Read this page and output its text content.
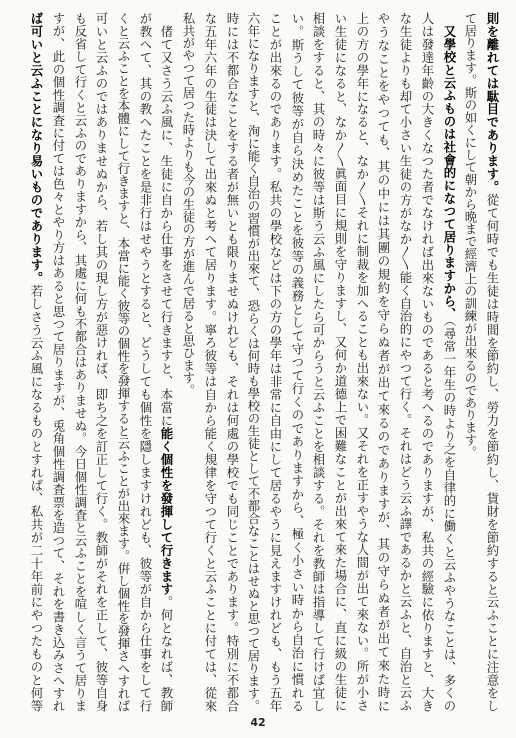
則を離れては駄目であります。從て何時でも生徒は時間を節約し、勞力を節約し、貨財を節約すると云ふことに注意をし
て居ります。斯の如くにして朝から晩まで經濟上の訓練が出來るのであります。
又學校と云ふものは社會的になつて居りますから、（尋常一年生の時より之を自律的に働くと云ふやうなことは、多くの
人は發達年齡の大きくなつた者でなければ出來ないものであると考へるのでありますが、私共の經驗に依りますと、大き
な生徒よりも却て小さい生徒の方がなか〳〵能く自治的にやつて行く。それはどう云ふ譯であるかと云ふと、自治と云ふ
やうなことをやつても、其の中には其團の規約を守らぬ者が出て來るのでありますが、其の守らぬ者が出て來た時に
上の方の學年になると、なか〳〵それに制裁を加へることも出來ない。又それを正すやうな人間が出て來ない。所が小さ
い生徒になると、なか〳〵眞面目に規則を守りますし、又何か道德上で困難なことが出來て來た場合に、直に級の生徒に
相談をすると、其の時々に彼等は斯う云ふ風にしたら可からうと云ふことを相談する。それを教師は指導して行けば宜し
い。斯うして彼等が自ら決めたことを彼等の義務として守つて行くのでありますから、極く小さい時から自治に慣れる
ことが出來るのであります。私共の學校などは下の方の學年は非常に自由にして居るやうに見えますけれども、もう五年
六年になりますと、洵に能く自治の習慣が出來て、恐らくは何時も學校の生徒として不都合なことはせぬと思つて居ります。
時には不都合なことをする者が無いとも限りませぬけれども、それは何處の學校でも同じことであります。特別に不都合
な五年六年の生徒は決して出來ぬと考へて居ります。寧ろ彼等は自から能く規律を守つて行くと云ふことに付ては、從來
私共がやつて居つた時よりも今の生徒の方が進んで居ると思ひます。
偖て又さう云ふ風に、生徒に自から仕事をさせて行きますと、本當に能く個性を發揮して行きます。何となれば、教師
が教へて、其の教へたことを是非行はせやうとすると、どうしても個性を隱しますけれども、彼等が自から仕事をして行
くと云ふことを本體にして行きますと、本當に能く彼等の個性を發揮すると云ふことが出來ます。倂し個性を發揮さへすれば
可いと云ふのではありませぬから、若し其の現し方が惡ければ、即ち之を訂正して行く。教師がそれを正して、彼等自身
も反省して行くと云ふのでありますから、其處に何も不都合はありませぬ。今日個性調査と云ふことを喧しく言うて居りま
すが、此の個性調査に付ては色々とやり方はあると思つて居りますが、兎角個性調査票を造つて、それを書き込みさへすれ
ば可いと云ふことになり易いものであります。若しさう云ふ風になるものとすれば、私共が二十年前にやつたものと何等
42
